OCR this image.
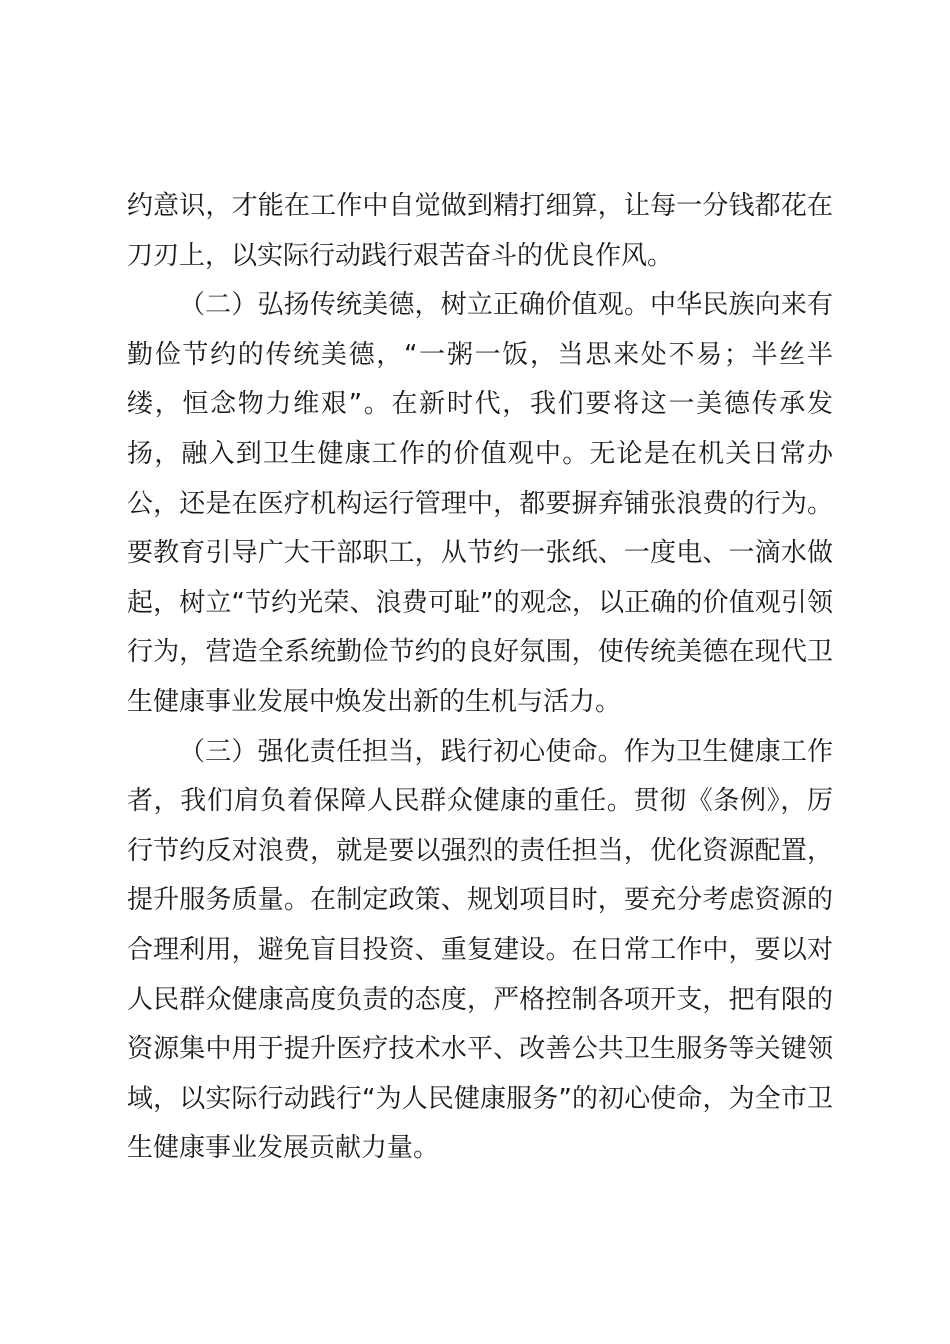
约意识，才能在工作中自觉做到精打细算，让每一分钱都花在刀刃上，以实际行动践行艰苦奋斗的优良作风。

（二）弘扬传统美德，树立正确价值观。中华民族向来有勤俭节约的传统美德，“一粥一饭，当思来处不易；半丝半缕，恒念物力维艰”。在新时代，我们要将这一美德传承发扬，融入到卫生健康工作的价值观中。无论是在机关日常办公，还是在医疗机构运行管理中，都要摒弃铺张浪费的行为。要教育引导广大干部职工，从节约一张纸、一度电、一滴水做起，树立“节约光荣、浪费可耻”的观念，以正确的价值观引领行为，营造全系统勤俭节约的良好氛围，使传统美德在现代卫生健康事业发展中焕发出新的生机与活力。

（三）强化责任担当，践行初心使命。作为卫生健康工作者，我们肩负着保障人民群众健康的重任。贯彻《条例》，厉行节约反对浪费，就是要以强烈的责任担当，优化资源配置，提升服务质量。在制定政策、规划项目时，要充分考虑资源的合理利用，避免盲目投资、重复建设。在日常工作中，要以对人民群众健康高度负责的态度，严格控制各项开支，把有限的资源集中用于提升医疗技术水平、改善公共卫生服务等关键领域，以实际行动践行“为人民健康服务”的初心使命，为全市卫生健康事业发展贡献力量。
